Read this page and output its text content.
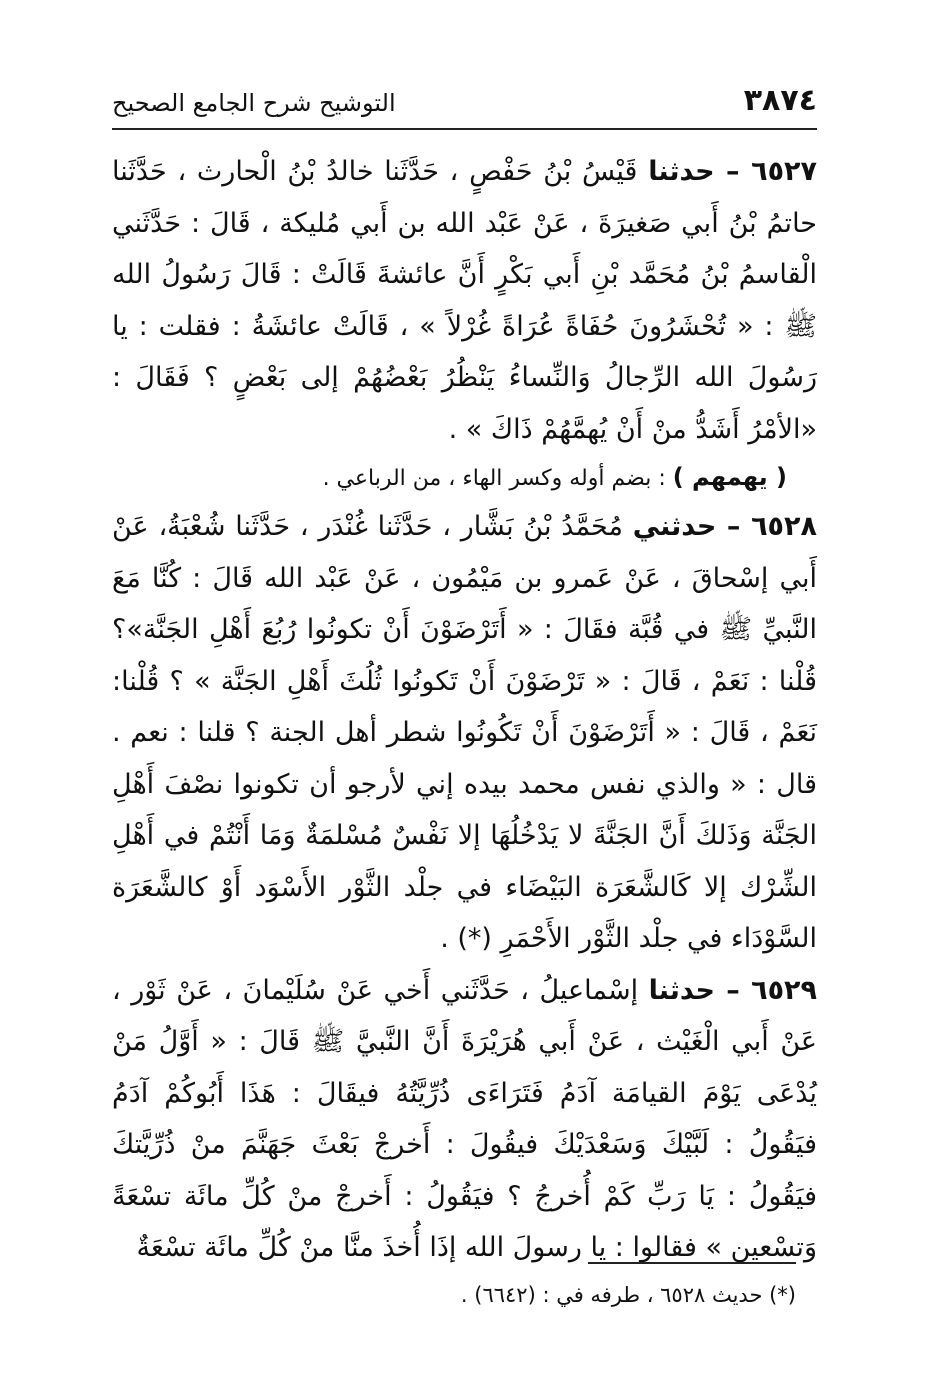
٣٨٧٤
التوشيح شرح الجامع الصحيح

٦٥٢٧ – حدثنا قَيْسُ بْنُ حَفْصٍ ، حَدَّثَنا خالدُ بْنُ الْحارث ، حَدَّثَنا حاتمُ بْنُ أَبي صَغيرَةَ ، عَنْ عَبْد الله بن أَبي مُليكة ، قَالَ : حَدَّثَني الْقاسمُ بْنُ مُحَمَّد بْنِ أَبي بَكْرٍ أَنَّ عائشةَ قَالَتْ : قَالَ رَسُولُ الله ﷺ : « تُحْشَرُونَ حُفَاةً عُرَاةً غُرْلاً » ، قَالَتْ عائشَةُ : فقلت : يا رَسُولَ الله الرِّجالُ وَالنِّساءُ يَنْظُرُ بَعْضُهُمْ إلى بَعْضٍ ؟ فَقَالَ : «الأمْرُ أَشَدُّ منْ أَنْ يُهمَّهُمْ ذَاكَ » .

( يهمهم ) : بضم أوله وكسر الهاء ، من الرباعي .

٦٥٢٨ – حدثني مُحَمَّدُ بْنُ بَشَّار ، حَدَّثَنا غُنْدَر ، حَدَّثَنا شُعْبَةُ، عَنْ أَبي إسْحاقَ ، عَنْ عَمرو بن مَيْمُون ، عَنْ عَبْد الله قَالَ : كُنَّا مَعَ النَّبيِّ ﷺ في قُبَّة فقَالَ : « أَتَرْضَوْنَ أَنْ تكونُوا رُبُعَ أَهْلِ الجَنَّة»؟ قُلْنا : نَعَمْ ، قَالَ : « تَرْضَوْنَ أَنْ تَكونُوا ثُلُثَ أَهْلِ الجَنَّة » ؟ قُلْنا: نَعَمْ ، قَالَ : « أَتَرْضَوْنَ أَنْ تَكُونُوا شطر أهل الجنة ؟ قلنا : نعم . قال : « والذي نفس محمد بيده إني لأرجو أن تكونوا نصْفَ أَهْلِ الجَنَّة وَذَلكَ أَنَّ الجَنَّةَ لا يَدْخُلُهَا إلا نَفْسٌ مُسْلمَةٌ وَمَا أَنْتُمْ في أَهْلِ الشِّرْك إلا كَالشَّعَرَة البَيْضَاء في جلْد الثَّوْر الأَسْوَد أَوْ كالشَّعَرَة السَّوْدَاء في جلْد الثَّوْر الأَحْمَرِ (*) .

٦٥٢٩ – حدثنا إسْماعيلُ ، حَدَّثَني أَخي عَنْ سُلَيْمانَ ، عَنْ ثَوْر ، عَنْ أَبي الْغَيْث ، عَنْ أَبي هُرَيْرَةَ أَنَّ النَّبيَّ ﷺ قَالَ : « أَوَّلُ مَنْ يُدْعَى يَوْمَ القيامَة آدَمُ فَتَرَاءَى ذُرِّيَّتُهُ فيقَالَ : هَذَا أَبُوكُمْ آدَمُ فيَقُولُ : لَبَّيْكَ وَسَعْدَيْكَ فيقُولَ : أَخرجْ بَعْثَ جَهَنَّمَ منْ ذُرِّيَّتكَ فيَقُولُ : يَا رَبِّ كَمْ أُخرجُ ؟ فيَقُولُ : أَخرجْ منْ كُلِّ مائَة تسْعَةً وَتسْعين » فقالوا : يا رسولَ الله إذَا أُخذَ منَّا منْ كُلِّ مائَة تسْعَةٌ

(*) حديث ٦٥٢٨ ، طرفه في : (٦٦٤٢) .
